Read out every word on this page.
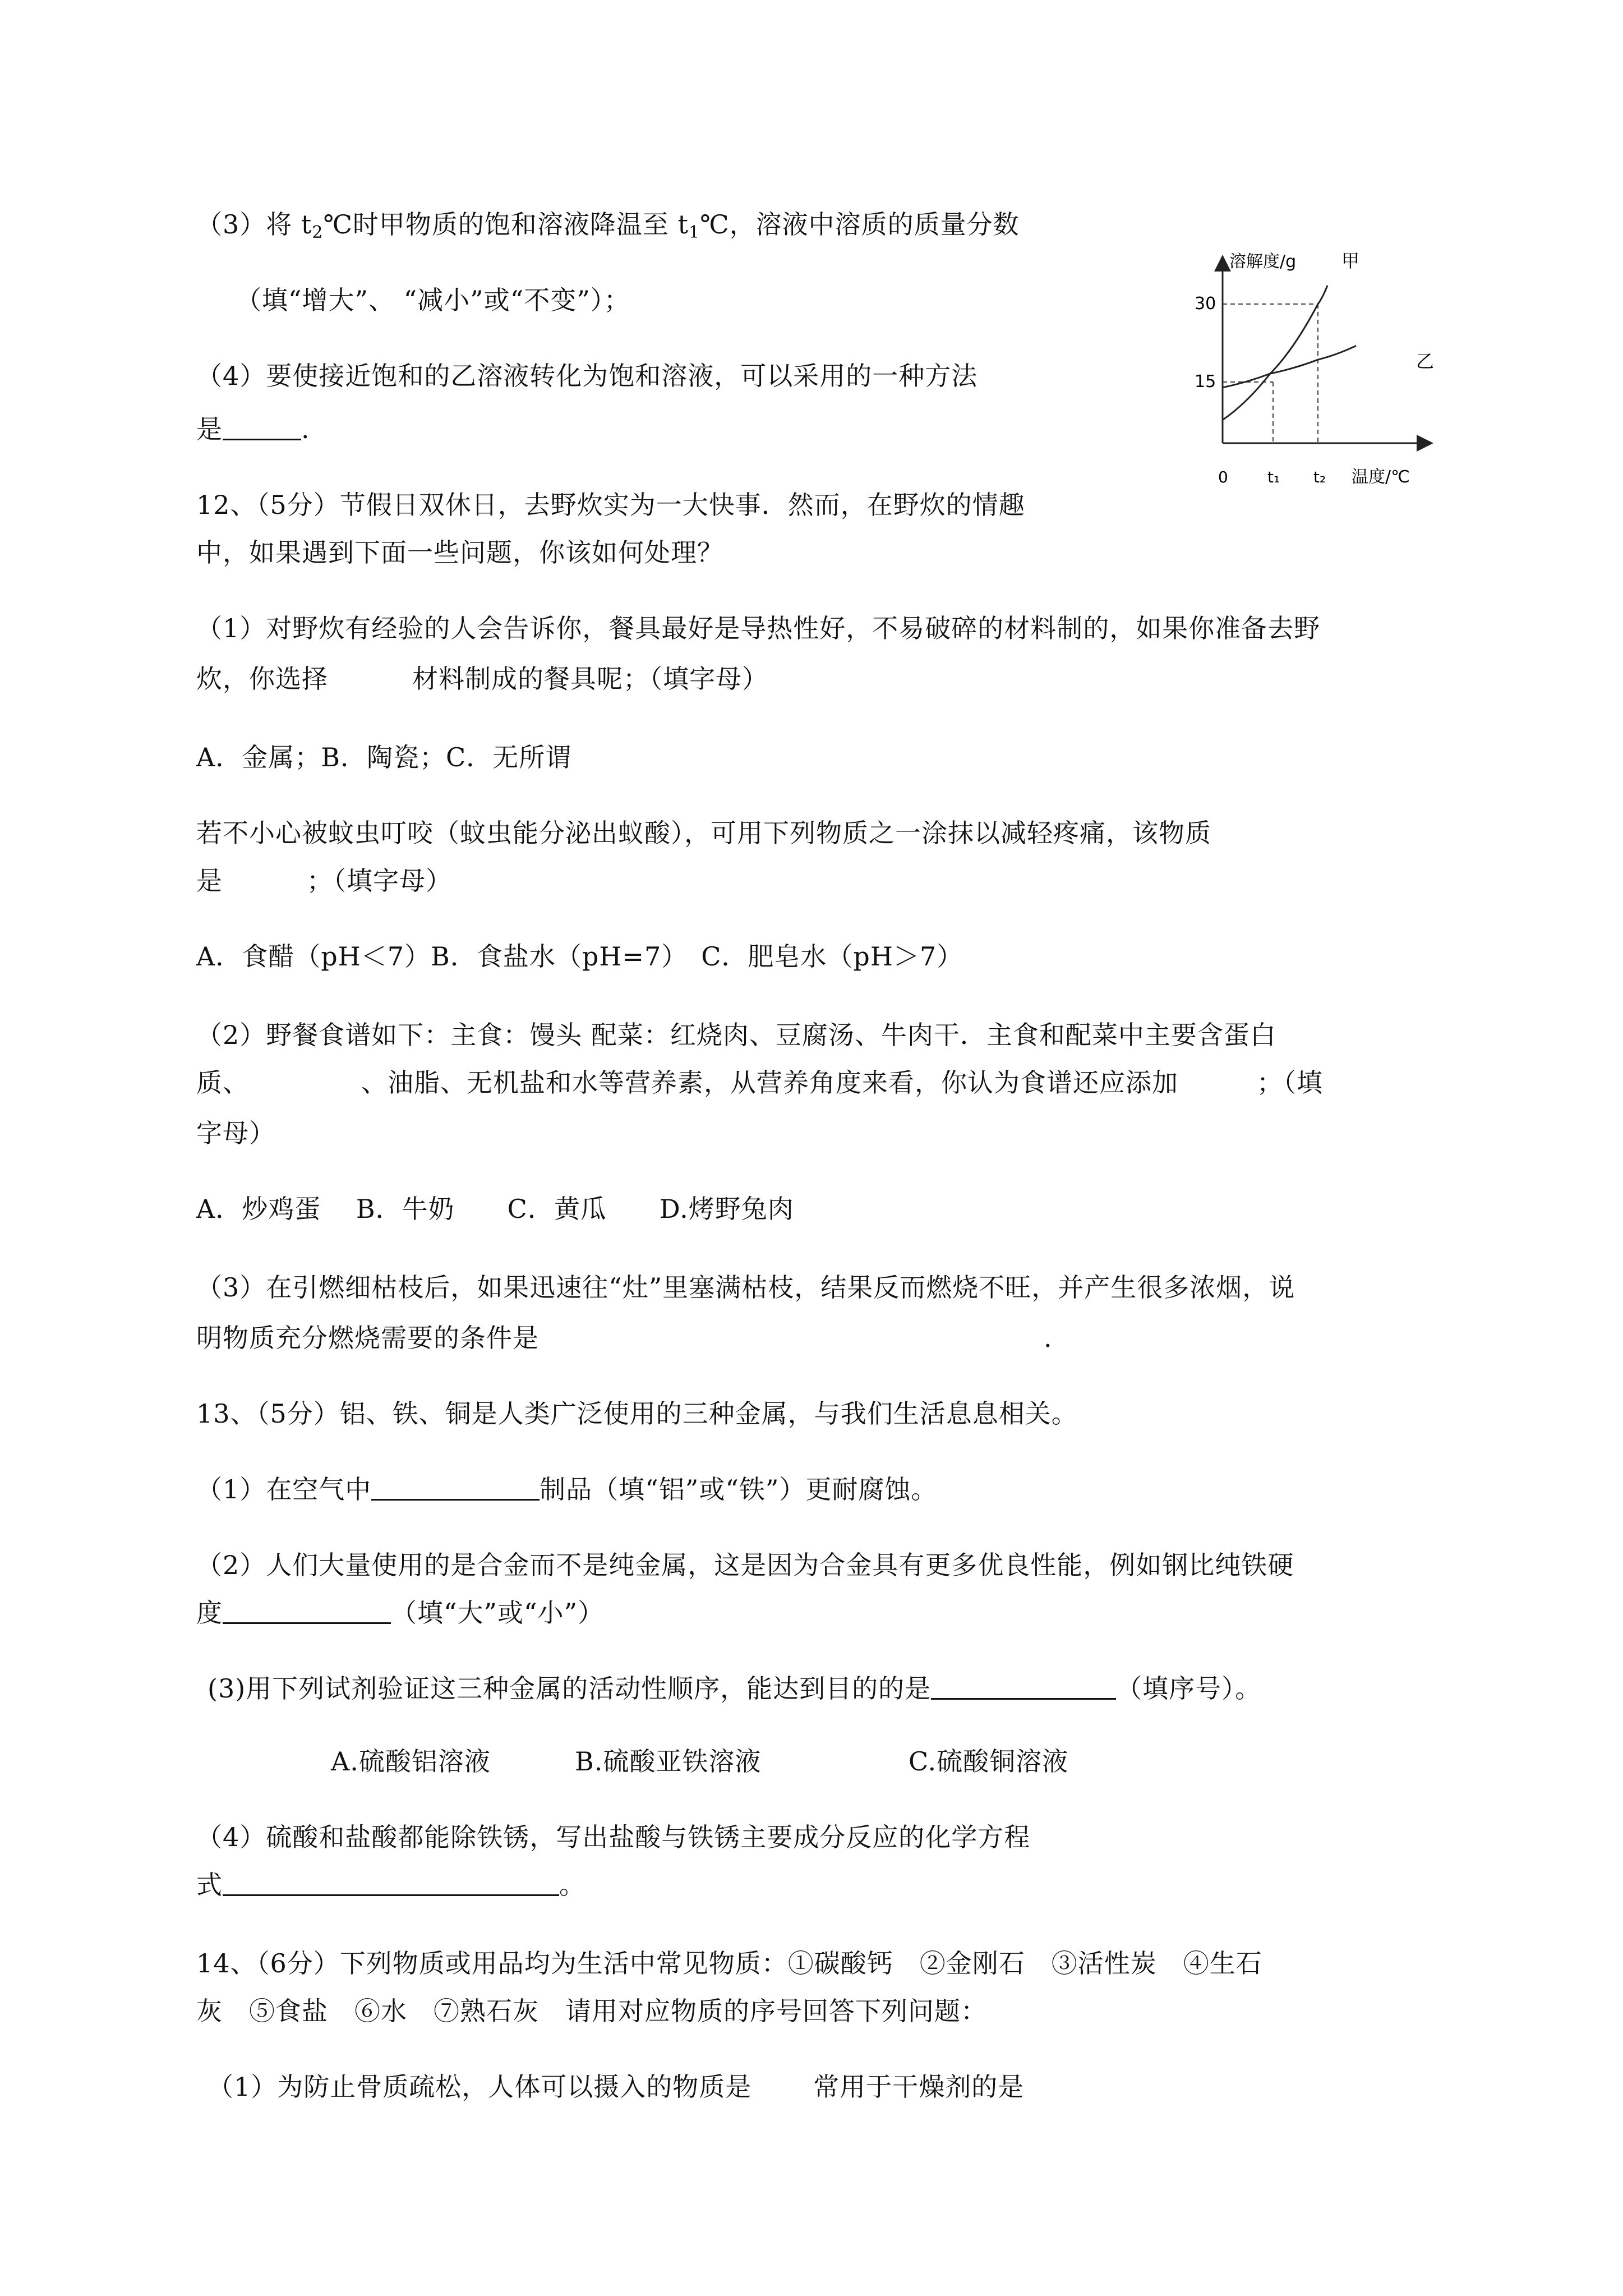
（3）将 $t_2℃$时甲物质的饱和溶液降温至 $t_1℃$，溶液中溶质的质量分数
（填“增大”、 “减小”或“不变”）；
（4）要使接近饱和的乙溶液转化为饱和溶液，可以采用的一种方法
是	.
溶解度/g	甲
乙
30
15
0	t₁ t₂ 温度/℃
12、（5分）节假日双休日，去野炊实为一大快事．然而，在野炊的情趣
中，如果遇到下面一些问题，你该如何处理？
（1）对野炊有经验的人会告诉你，餐具最好是导热性好，不易破碎的材料制的，如果你准备去野
炊，你选择	材料制成的餐具呢；（填字母）
A．金属；B．陶瓷；C．无所谓
若不小心被蚊虫叮咬（蚊虫能分泌出蚁酸），可用下列物质之一涂抹以减轻疼痛，该物质
是	；（填字母）
A．食醋（pH＜7）B．食盐水（pH=7）　C．肥皂水（pH＞7）
（2）野餐食谱如下：主食：馒头 配菜：红烧肉、豆腐汤、牛肉干．主食和配菜中主要含蛋白
质、	、油脂、无机盐和水等营养素，从营养角度来看，你认为食谱还应添加	；（填
字母）
A．炒鸡蛋　 B．牛奶　　C．黄瓜　　D.烤野兔肉
（3）在引燃细枯枝后，如果迅速往“灶”里塞满枯枝，结果反而燃烧不旺，并产生很多浓烟，说
明物质充分燃烧需要的条件是	.
13、（5分）铝、铁、铜是人类广泛使用的三种金属，与我们生活息息相关。
（1）在空气中	制品（填“铝”或“铁”）更耐腐蚀。
（2）人们大量使用的是合金而不是纯金属，这是因为合金具有更多优良性能，例如钢比纯铁硬
度	（填“大”或“小”）
(3)用下列试剂验证这三种金属的活动性顺序，能达到目的的是	（填序号）。
A.硫酸铝溶液	B.硫酸亚铁溶液	C.硫酸铜溶液
（4）硫酸和盐酸都能除铁锈，写出盐酸与铁锈主要成分反应的化学方程
式	。
14、（6分）下列物质或用品均为生活中常见物质：①碳酸钙　②金刚石　③活性炭　④生石
灰　⑤食盐　⑥水　⑦熟石灰　请用对应物质的序号回答下列问题：
（1）为防止骨质疏松，人体可以摄入的物质是 常用于干燥剂的是
